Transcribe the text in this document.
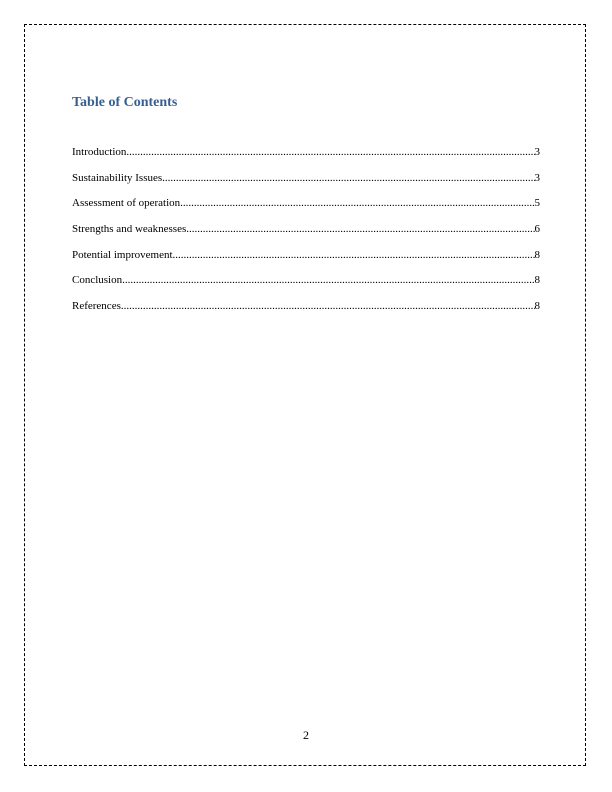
Table of Contents
Introduction .....	3
Sustainability Issues .....	3
Assessment of operation .....	5
Strengths and weaknesses .....	6
Potential improvement .....	8
Conclusion .....	8
References .....	8

2
